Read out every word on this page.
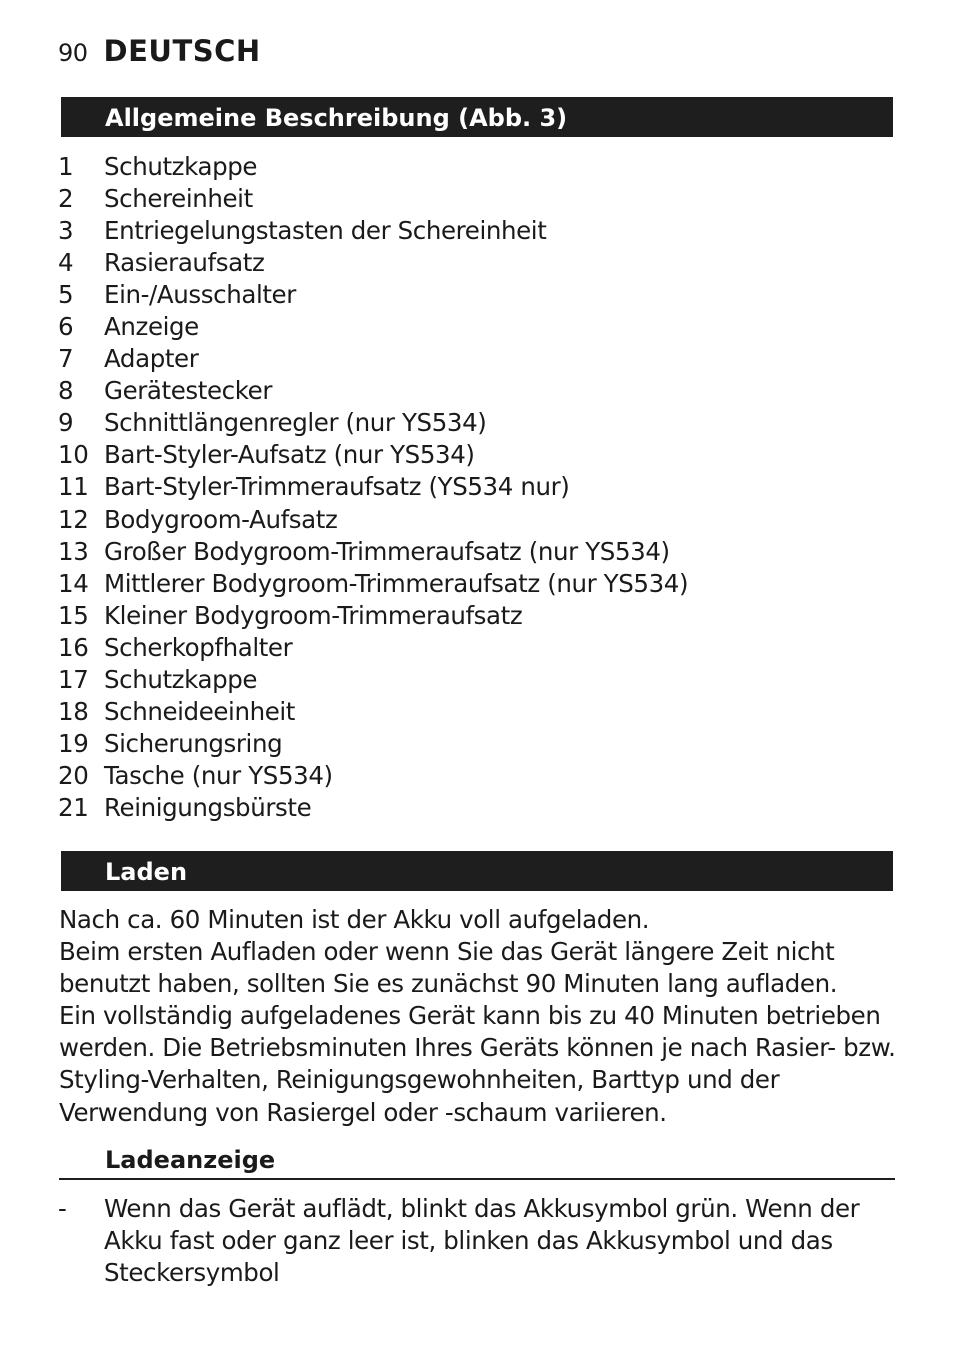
90 DEUTSCH
Allgemeine Beschreibung (Abb. 3)
1	Schutzkappe
2	Schereinheit
3	Entriegelungstasten der Schereinheit
4	Rasieraufsatz
5	Ein-/Ausschalter
6	Anzeige
7	Adapter
8	Gerätestecker
9	Schnittlängenregler (nur YS534)
10 Bart-Styler-Aufsatz (nur YS534)
11 Bart-Styler-Trimmeraufsatz (YS534 nur)
12 Bodygroom-Aufsatz
13 Großer Bodygroom-Trimmeraufsatz (nur YS534)
14 Mittlerer Bodygroom-Trimmeraufsatz (nur YS534)
15 Kleiner Bodygroom-Trimmeraufsatz
16 Scherkopfhalter
17 Schutzkappe
18 Schneideeinheit
19 Sicherungsring
20 Tasche (nur YS534)
21 Reinigungsbürste
Laden

Nach ca. 60 Minuten ist der Akku voll aufgeladen.

Beim ersten Aufladen oder wenn Sie das Gerät längere Zeit nicht benutzt haben, sollten Sie es zunächst 90 Minuten lang aufladen.

Ein vollständig aufgeladenes Gerät kann bis zu 40 Minuten betrieben werden. Die Betriebsminuten Ihres Geräts können je nach Rasier- bzw. Styling-Verhalten, Reinigungsgewohnheiten, Barttyp und der Verwendung von Rasiergel oder -schaum variieren.

Ladeanzeige
-	Wenn das Gerät auflädt, blinkt das Akkusymbol grün. Wenn der Akku fast oder ganz leer ist, blinken das Akkusymbol und das Steckersymbol
